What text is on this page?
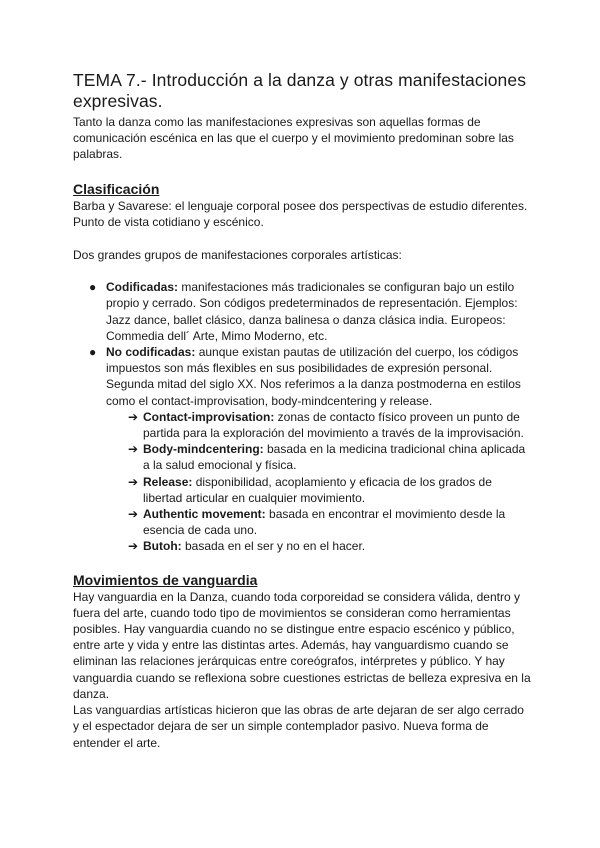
TEMA 7.- Introducción a la danza y otras manifestaciones expresivas.

Tanto la danza como las manifestaciones expresivas son aquellas formas de comunicación escénica en las que el cuerpo y el movimiento predominan sobre las palabras.

Clasificación

Barba y Savarese: el lenguaje corporal posee dos perspectivas de estudio diferentes. Punto de vista cotidiano y escénico.

Dos grandes grupos de manifestaciones corporales artísticas:

● Codificadas: manifestaciones más tradicionales se configuran bajo un estilo propio y cerrado. Son códigos predeterminados de representación. Ejemplos: Jazz dance, ballet clásico, danza balinesa o danza clásica india. Europeos: Commedia dell´ Arte, Mimo Moderno, etc.
● No codificadas: aunque existan pautas de utilización del cuerpo, los códigos impuestos son más flexibles en sus posibilidades de expresión personal. Segunda mitad del siglo XX. Nos referimos a la danza postmoderna en estilos como el contact-improvisation, body-mindcentering y release.
➔ Contact-improvisation: zonas de contacto físico proveen un punto de partida para la exploración del movimiento a través de la improvisación.
➔ Body-mindcentering: basada en la medicina tradicional china aplicada a la salud emocional y física.
➔ Release: disponibilidad, acoplamiento y eficacia de los grados de libertad articular en cualquier movimiento.
➔ Authentic movement: basada en encontrar el movimiento desde la esencia de cada uno.
➔ Butoh: basada en el ser y no en el hacer.
Movimientos de vanguardia

Hay vanguardia en la Danza, cuando toda corporeidad se considera válida, dentro y fuera del arte, cuando todo tipo de movimientos se consideran como herramientas posibles. Hay vanguardia cuando no se distingue entre espacio escénico y público, entre arte y vida y entre las distintas artes. Además, hay vanguardismo cuando se eliminan las relaciones jerárquicas entre coreógrafos, intérpretes y público. Y hay vanguardia cuando se reflexiona sobre cuestiones estrictas de belleza expresiva en la danza.

Las vanguardias artísticas hicieron que las obras de arte dejaran de ser algo cerrado y el espectador dejara de ser un simple contemplador pasivo. Nueva forma de entender el arte.
